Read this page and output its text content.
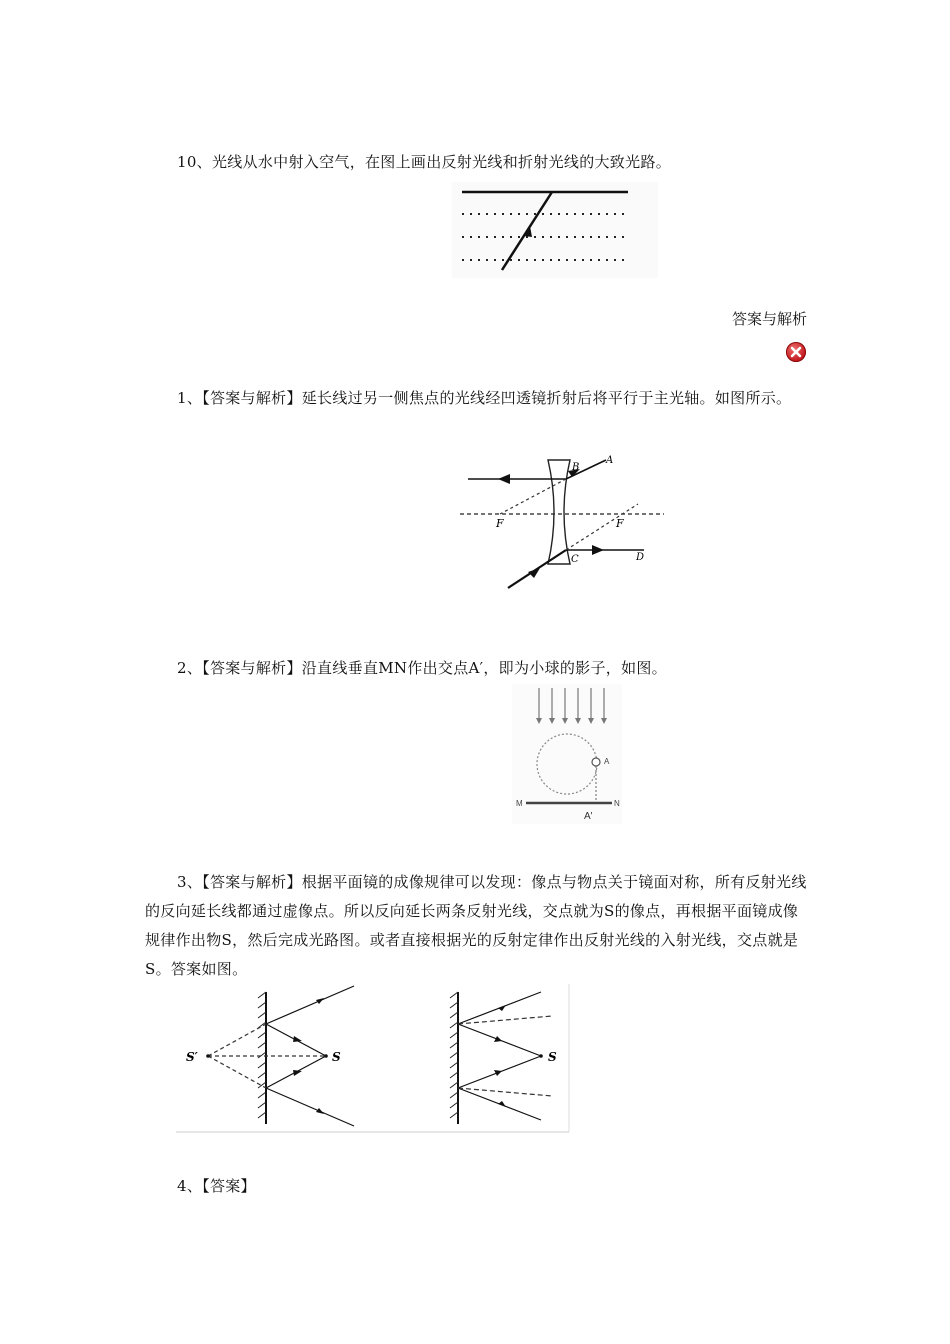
10、光线从水中射入空气，在图上画出反射光线和折射光线的大致光路。

答案与解析

1、【答案与解析】延长线过另一侧焦点的光线经凹透镜折射后将平行于主光轴。如图所示。

A
B
F	F
C	D

2、【答案与解析】沿直线垂直MN作出交点A′，即为小球的影子，如图。

A
M	N
A'

3、【答案与解析】根据平面镜的成像规律可以发现：像点与物点关于镜面对称，所有反射光线的反向延长线都通过虚像点。所以反向延长两条反射光线，交点就为S的像点，再根据平面镜成像规律作出物S，然后完成光路图。或者直接根据光的反射定律作出反射光线的入射光线，交点就是S。答案如图。

S′	S	S

4、【答案】
